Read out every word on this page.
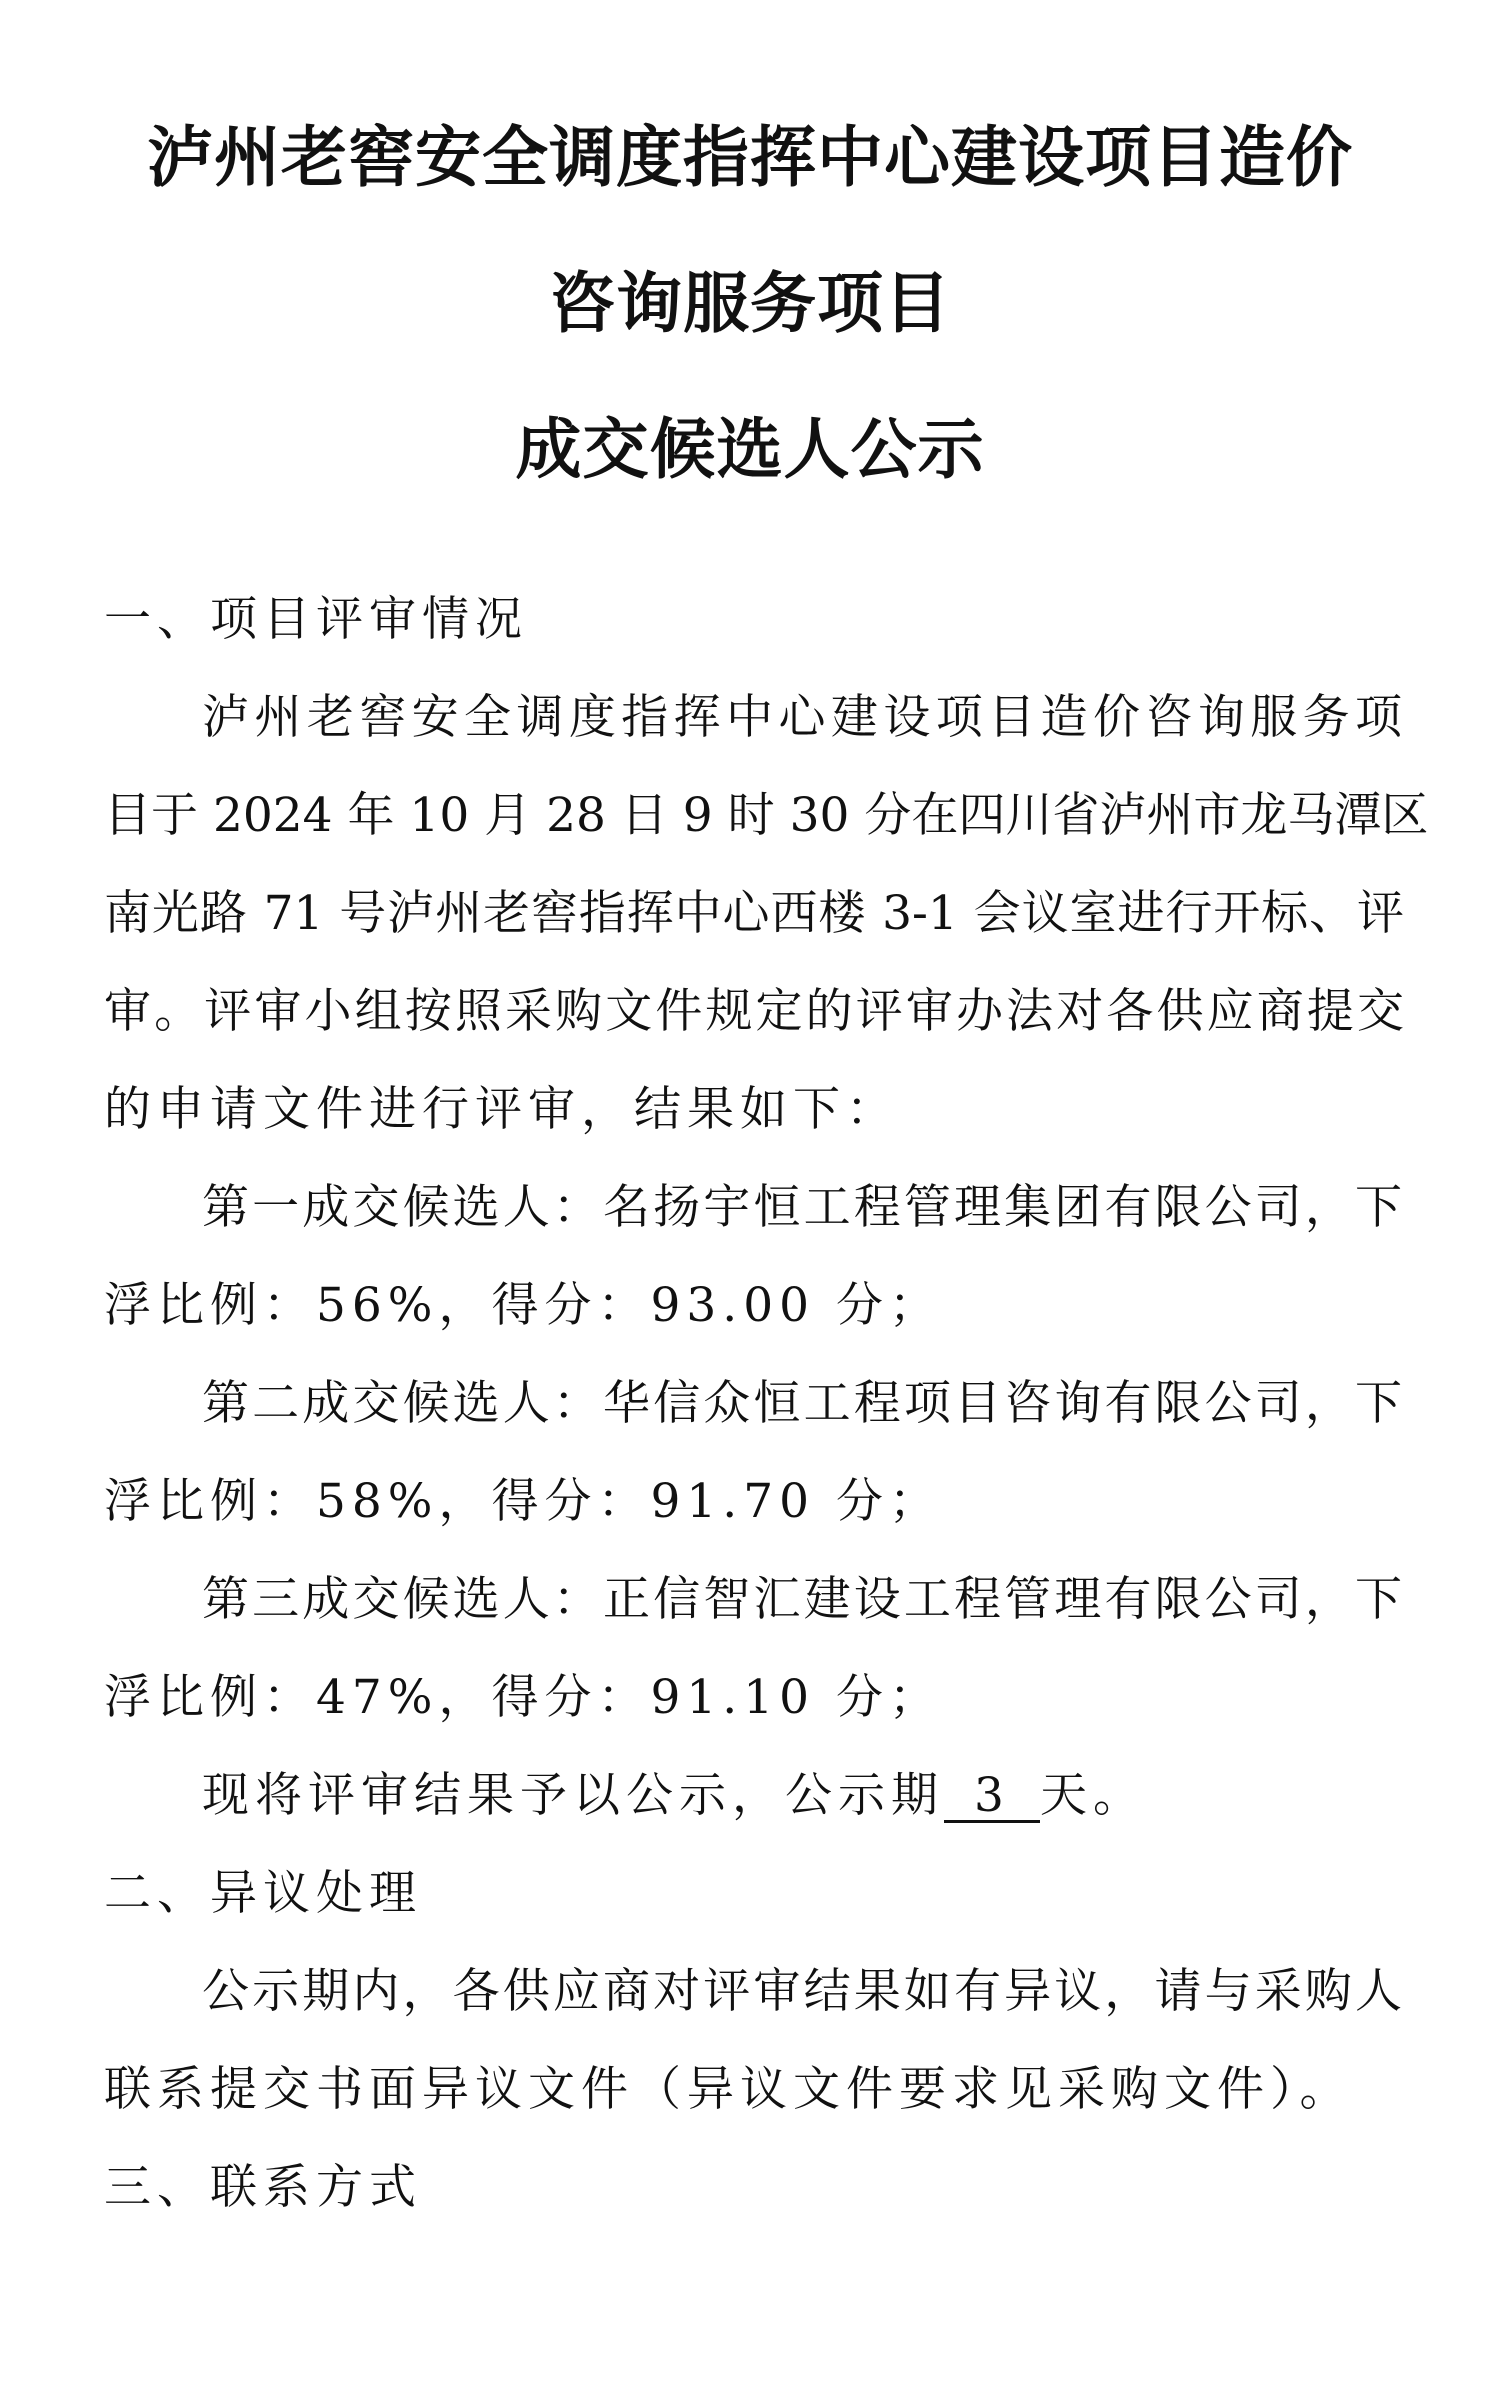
泸州老窖安全调度指挥中心建设项目造价
咨询服务项目
成交候选人公示

一、项目评审情况

泸州老窖安全调度指挥中心建设项目造价咨询服务项

目于 2024 年 10 月 28 日 9 时 30 分在四川省泸州市龙马潭区

南光路 71 号泸州老窖指挥中心西楼 3-1 会议室进行开标、评

审。评审小组按照采购文件规定的评审办法对各供应商提交

的申请文件进行评审，结果如下：

第一成交候选人：名扬宇恒工程管理集团有限公司，下

浮比例：56%，得分：93.00 分；

第二成交候选人：华信众恒工程项目咨询有限公司，下

浮比例：58%，得分：91.70 分；

第三成交候选人：正信智汇建设工程管理有限公司，下

浮比例：47%，得分：91.10 分；

现将评审结果予以公示，公示期 3 天。

二、异议处理

公示期内，各供应商对评审结果如有异议，请与采购人

联系提交书面异议文件（异议文件要求见采购文件）。

三、联系方式
